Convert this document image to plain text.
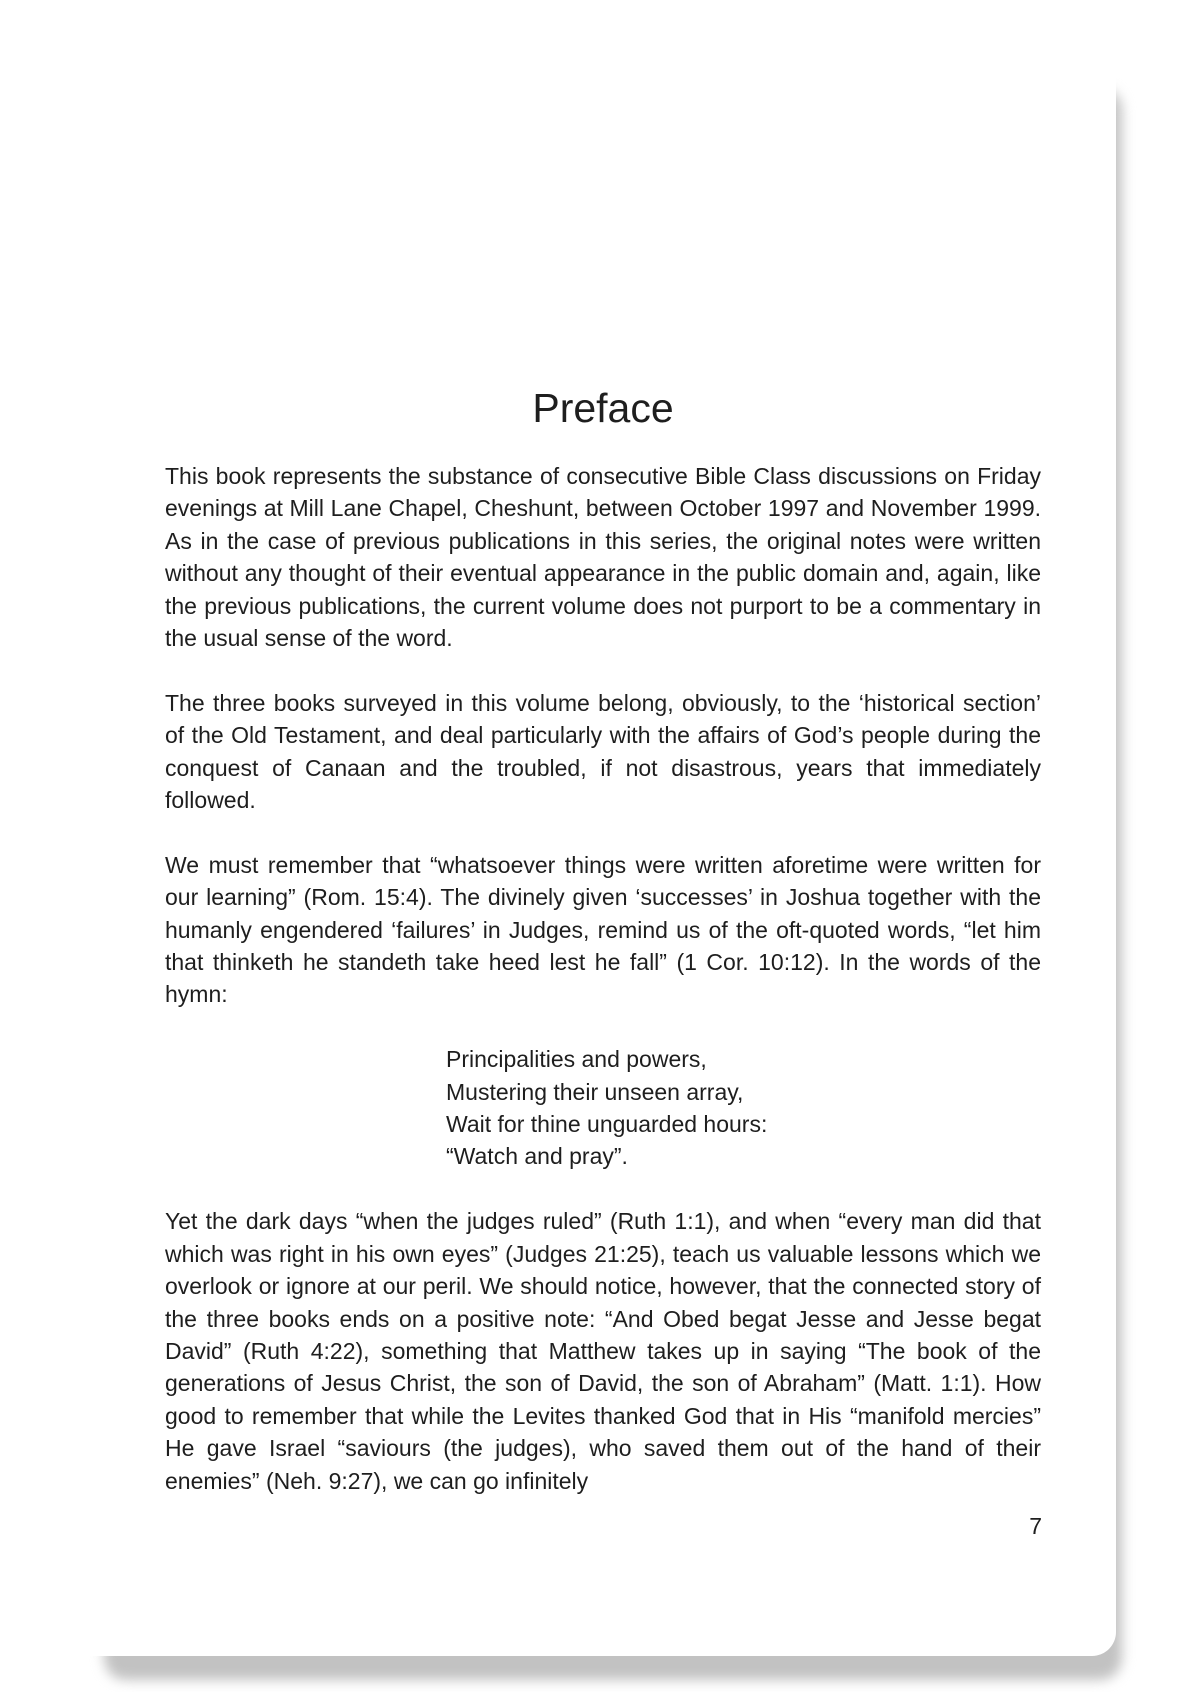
Preface

This book represents the substance of consecutive Bible Class discussions on Friday evenings at Mill Lane Chapel, Cheshunt, between October 1997 and November 1999. As in the case of previous publications in this series, the original notes were written without any thought of their eventual appearance in the public domain and, again, like the previous publications, the current volume does not purport to be a commentary in the usual sense of the word.

The three books surveyed in this volume belong, obviously, to the ‘historical section’ of the Old Testament, and deal particularly with the affairs of God’s people during the conquest of Canaan and the troubled, if not disastrous, years that immediately followed.

We must remember that “whatsoever things were written aforetime were written for our learning” (Rom. 15:4). The divinely given ‘successes’ in Joshua together with the humanly engendered ‘failures’ in Judges, remind us of the oft-quoted words, “let him that thinketh he standeth take heed lest he fall” (1 Cor. 10:12). In the words of the hymn:

Principalities and powers,
Mustering their unseen array,
Wait for thine unguarded hours:
“Watch and pray”.

Yet the dark days “when the judges ruled” (Ruth 1:1), and when “every man did that which was right in his own eyes” (Judges 21:25), teach us valuable lessons which we overlook or ignore at our peril. We should notice, however, that the connected story of the three books ends on a positive note: “And Obed begat Jesse and Jesse begat David” (Ruth 4:22), something that Matthew takes up in saying “The book of the generations of Jesus Christ, the son of David, the son of Abraham” (Matt. 1:1). How good to remember that while the Levites thanked God that in His “manifold mercies” He gave Israel “saviours (the judges), who saved them out of the hand of their enemies” (Neh. 9:27), we can go infinitely

7
